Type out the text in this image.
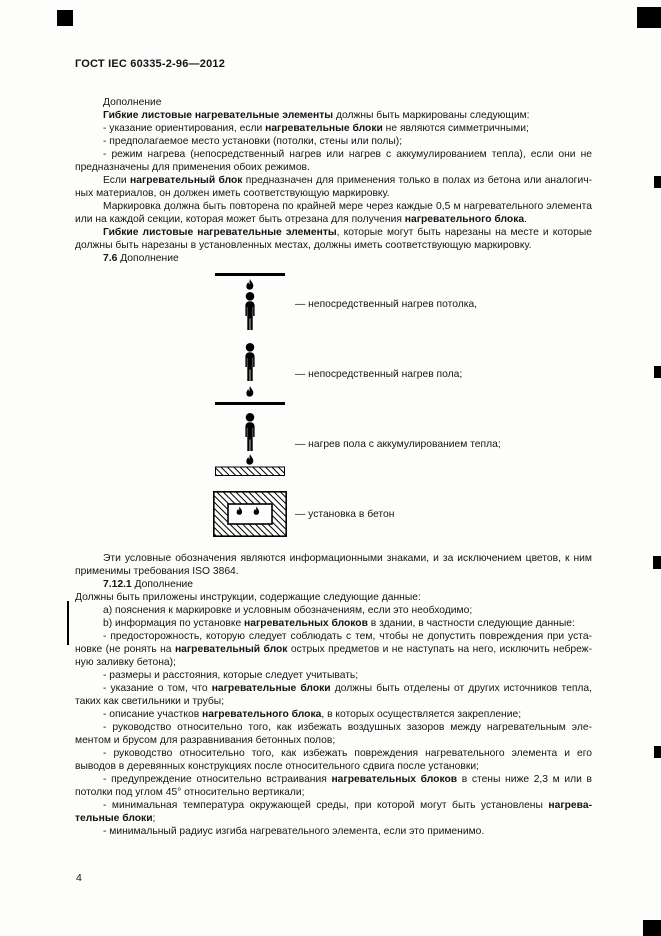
ГОСТ IEC 60335-2-96—2012

Дополнение

Гибкие листовые нагревательные элементы должны быть маркированы следующим:

- указание ориентирования, если нагревательные блоки не являются симметричными;

- предполагаемое место установки (потолки, стены или полы);

- режим нагрева (непосредственный нагрев или нагрев с аккумулированием тепла), если они не предназначены для применения обоих режимов.

Если нагревательный блок предназначен для применения только в полах из бетона или аналогичных материалов, он должен иметь соответствующую маркировку.

Маркировка должна быть повторена по крайней мере через каждые 0,5 м нагревательного элемента или на каждой секции, которая может быть отрезана для получения нагревательного блока.

Гибкие листовые нагревательные элементы, которые могут быть нарезаны на месте и которые должны быть нарезаны в установленных местах, должны иметь соответствующую маркировку.

7.6 Дополнение

— непосредственный нагрев потолка,
— непосредственный нагрев пола;
— нагрев пола с аккумулированием тепла;
— установка в бетон

Эти условные обозначения являются информационными знаками, и за исключением цветов, к ним применимы требования ISO 3864.

7.12.1 Дополнение

Должны быть приложены инструкции, содержащие следующие данные:

a) пояснения к маркировке и условным обозначениям, если это необходимо;

b) информация по установке нагревательных блоков в здании, в частности следующие данные:

- предосторожность, которую следует соблюдать с тем, чтобы не допустить повреждения при установке (не ронять на нагревательный блок острых предметов и не наступать на него, исключить небрежную заливку бетона);

- размеры и расстояния, которые следует учитывать;

- указание о том, что нагревательные блоки должны быть отделены от других источников тепла, таких как светильники и трубы;

- описание участков нагревательного блока, в которых осуществляется закрепление;

- руководство относительно того, как избежать воздушных зазоров между нагревательным элементом и брусом для разравнивания бетонных полов;

- руководство относительно того, как избежать повреждения нагревательного элемента и его выводов в деревянных конструкциях после относительного сдвига после установки;

- предупреждение относительно встраивания нагревательных блоков в стены ниже 2,3 м или в потолки под углом 45° относительно вертикали;

- минимальная температура окружающей среды, при которой могут быть установлены нагревательные блоки;

- минимальный радиус изгиба нагревательного элемента, если это применимо.

4
